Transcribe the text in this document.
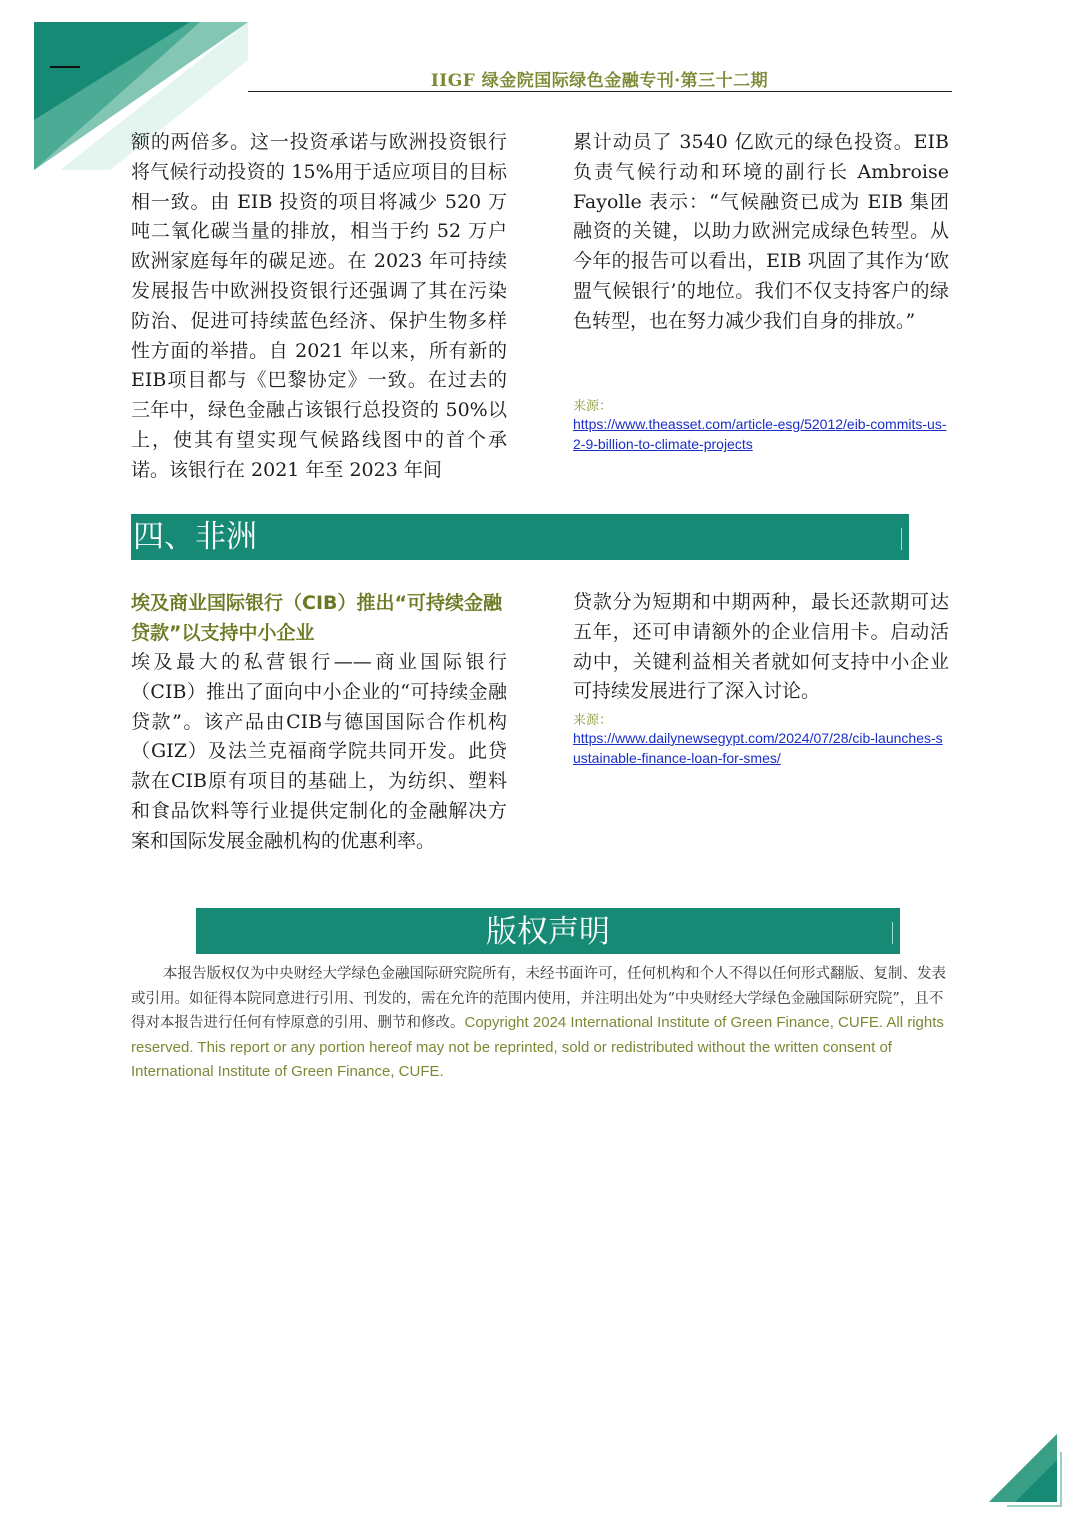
IIGF 绿金院国际绿色金融专刊·第三十二期
额的两倍多。这一投资承诺与欧洲投资银行将气候行动投资的 15%用于适应项目的目标相一致。由 EIB 投资的项目将减少 520 万吨二氧化碳当量的排放，相当于约 52 万户欧洲家庭每年的碳足迹。在 2023 年可持续发展报告中欧洲投资银行还强调了其在污染防治、促进可持续蓝色经济、保护生物多样性方面的举措。自 2021 年以来，所有新的EIB项目都与《巴黎协定》一致。在过去的三年中，绿色金融占该银行总投资的 50%以上，使其有望实现气候路线图中的首个承诺。该银行在 2021 年至 2023 年间
累计动员了 3540 亿欧元的绿色投资。EIB 负责气候行动和环境的副行长 Ambroise Fayolle 表示：“气候融资已成为 EIB 集团融资的关键，以助力欧洲完成绿色转型。从今年的报告可以看出，EIB 巩固了其作为‘欧盟气候银行’的地位。我们不仅支持客户的绿色转型，也在努力减少我们自身的排放。”
来源：
https://www.theasset.com/article-esg/52012/eib-commits-us-2-9-billion-to-climate-projects
四、非洲
埃及商业国际银行（CIB）推出“可持续金融贷款”以支持中小企业
埃及最大的私营银行——商业国际银行（CIB）推出了面向中小企业的“可持续金融贷款”。该产品由CIB与德国国际合作机构（GIZ）及法兰克福商学院共同开发。此贷款在CIB原有项目的基础上，为纺织、塑料和食品饮料等行业提供定制化的金融解决方案和国际发展金融机构的优惠利率。
贷款分为短期和中期两种，最长还款期可达五年，还可申请额外的企业信用卡。启动活动中，关键利益相关者就如何支持中小企业可持续发展进行了深入讨论。
来源：
https://www.dailynewsegypt.com/2024/07/28/cib-launches-sustainable-finance-loan-for-smes/
版权声明
本报告版权仅为中央财经大学绿色金融国际研究院所有，未经书面许可，任何机构和个人不得以任何形式翻版、复制、发表或引用。如征得本院同意进行引用、刊发的，需在允许的范围内使用，并注明出处为“中央财经大学绿色金融国际研究院”，且不得对本报告进行任何有悖原意的引用、删节和修改。Copyright 2024 International Institute of Green Finance, CUFE. All rights reserved. This report or any portion hereof may not be reprinted, sold or redistributed without the written consent of International Institute of Green Finance, CUFE.
